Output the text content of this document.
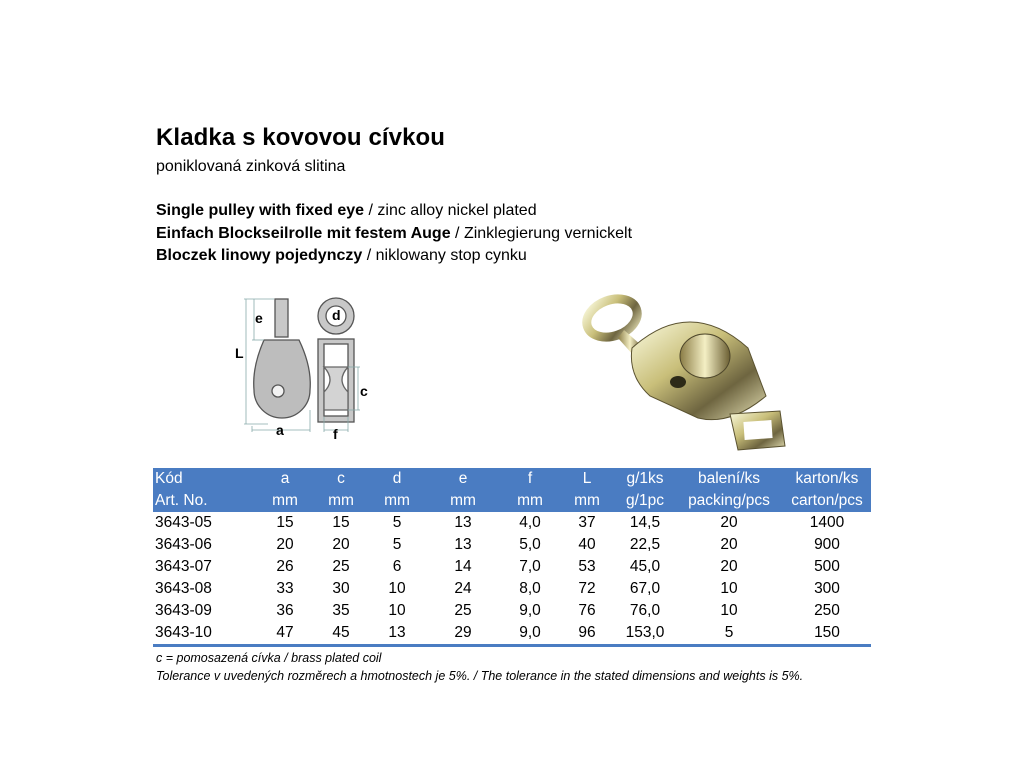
Kladka s kovovou cívkou
poniklovaná zinková slitina
Single pulley with fixed eye / zinc alloy nickel plated
Einfach Blockseilrolle mit festem Auge / Zinklegierung vernickelt
Bloczek linowy pojedynczy / niklowany stop cynku
e
L
a
d
c
f
Kód	a	c	d	e	f	L	g/1ks	balení/ks	karton/ks
Art. No.	mm	mm	mm	mm	mm	mm	g/1pc	packing/pcs	carton/pcs
3643-05	15	15	5	13	4,0	37	14,5	20	1400
3643-06	20	20	5	13	5,0	40	22,5	20	900
3643-07	26	25	6	14	7,0	53	45,0	20	500
3643-08	33	30	10	24	8,0	72	67,0	10	300
3643-09	36	35	10	25	9,0	76	76,0	10	250
3643-10	47	45	13	29	9,0	96	153,0	5	150
c = pomosazená cívka / brass plated coil
Tolerance v uvedených rozměrech a hmotnostech je 5%. / The tolerance in the stated dimensions and weights is 5%.
